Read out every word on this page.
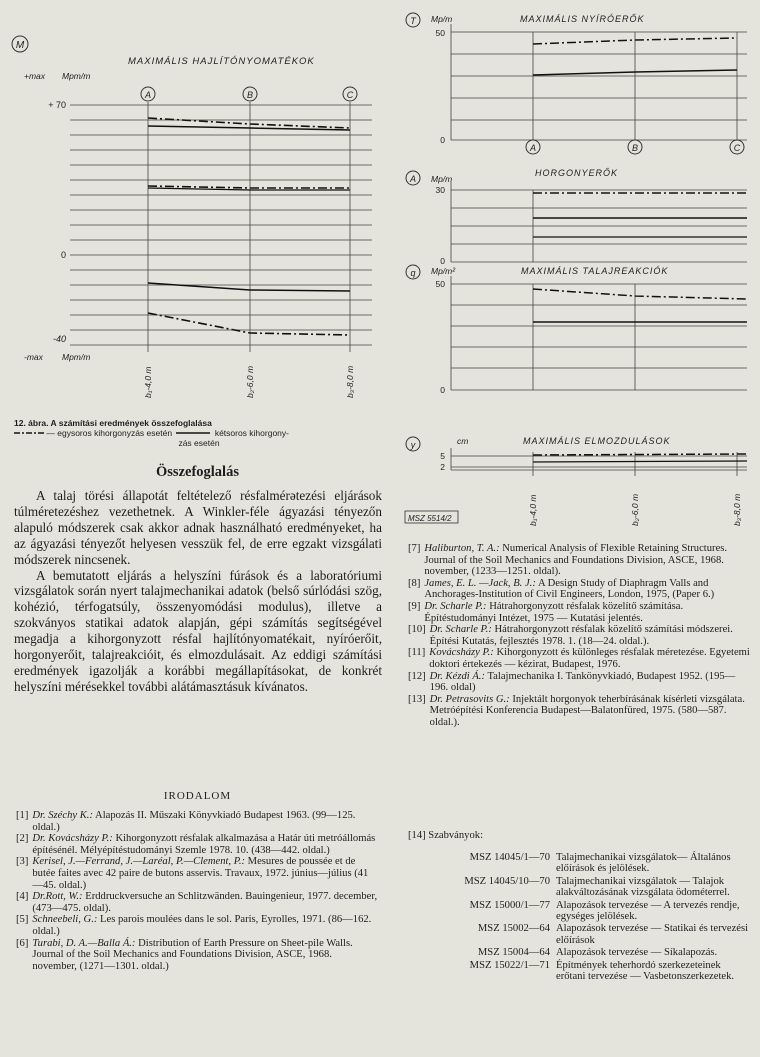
M
MAXIMÁLIS HAJLÍTÓNYOMATÉKOK
+max Mpm/m
+ 70
0
-40
-max Mpm/m
A	B	C
b₁-4,0 m	b₂-6,0 m	b₃-8,0 m
12. ábra. A számítási eredmények összefoglalása
— egysoros kihorgonyzás esetén	kétsoros kihorgony-
zás esetén
T Mp/m	MAXIMÁLIS NYÍRÓERŐK
50
0
A	B	C
A Mp/m
HORGONYERŐK
30
0
q Mp/m²	MAXIMÁLIS TALAJREAKCIÓK
50
0
y	cm	MAXIMÁLIS ELMOZDULÁSOK
5
2
b₁-4,0 m	b₂-6,0 m	b₃-8,0 m
MSZ 5514/2
Összefoglalás

A talaj törési állapotát feltételező résfalmérətezési eljárások túlméretezéshez vezethetnek. A Winkler-féle ágyazási tényezőn alapuló módszerek csak akkor adnak használható eredményeket, ha az ágyazási tényezőt helyesen vesszük fel, de erre egzakt vizsgálati módszerek nincsenek.

A bemutatott eljárás a helyszíni fúrások és a laboratóriumi vizsgálatok során nyert talajmechanikai adatok (belső súrlódási szög, kohézió, térfogatsúly, összenyomódási modulus), illetve a szokványos statikai adatok alapján, gépi számítás segítségével megadja a kihorgonyzott résfal hajlítónyomatékait, nyíróerőit, horgonyerőit, talajreakcióit, és elmozdulásait. Az eddigi számítási eredmények igazolják a korábbi megállapításokat, de konkrét helyszíni mérésekkel további alátámasztásuk kívánatos.

IRODALOM
[1] Dr. Széchy K.: Alapozás II. Műszaki Könyvkiadó Budapest 1963. (99—125. oldal.)
[2] Dr. Kovácsházy P.: Kihorgonyzott résfalak alkalmazása a Határ úti metróállomás építésénél. Mélyépítéstudományi Szemle 1978. 10. (438—442. oldal.)
[3] Kerisel, J.—Ferrand, J.—Laréal, P.—Clement, P.: Mesures de poussée et de butée faites avec 42 paire de butons asservis. Travaux, 1972. június—július (41—45. oldal.)
[4] Dr.Rott, W.: Erddruckversuche an Schlitzwänden. Bauingenieur, 1977. december, (473—475. oldal).
[5] Schneebeli, G.: Les parois moulées dans le sol. Paris, Eyrolles, 1971. (86—162. oldal.)
[6] Turabi, D. A.—Balla Á.: Distribution of Earth Pressure on Sheet-pile Walls. Journal of the Soil Mechanics and Foundations Division, ASCE, 1968. november, (1271—1301. oldal.)
[7] Haliburton, T. A.: Numerical Analysis of Flexible Retaining Structures. Journal of the Soil Mechanics and Foundations Division, ASCE, 1968. november, (1233—1251. oldal).
[8] James, E. L. —Jack, B. J.: A Design Study of Diaphragm Valls and Anchorages-Institution of Civil Engineers, London, 1975, (Paper 6.)
[9] Dr. Scharle P.: Hátrahorgonyzott résfalak közelítő számítása. Építéstudományi Intézet, 1975 — Kutatási jelentés.
[10] Dr. Scharle P.: Hátrahorgonyzott résfalak közelítő számítási módszerei. Építési Kutatás, fejlesztés 1978. 1. (18—24. oldal.).
[11] Kovácsházy P.: Kihorgonyzott és különleges résfalak méretezése. Egyetemi doktori értekezés — kézirat, Budapest, 1976.
[12] Dr. Kézdi Á.: Talajmechanika I. Tankönyvkiadó, Budapest 1952. (195—196. oldal)
[13] Dr. Petrasovits G.: Injektált horgonyok teherbírásának kísérleti vizsgálata. Metróépítési Konferencia Budapest—Balatonfüred, 1975. (580—587. oldal.).
[14] Szabványok:
MSZ 14045/1—70 Talajmechanikai vizsgálatok— Általános előírások és jelölések.
MSZ 14045/10—70 Talajmechanikai vizsgálatok — Talajok alakváltozásának vizsgálata ödométerrel.
MSZ 15000/1—77 Alapozások tervezése — A tervezés rendje, egységes jelölések.
MSZ 15002—64 Alapozások tervezése — Statikai és tervezési előírások
MSZ 15004—64 Alapozások tervezése — Síkalapozás.
MSZ 15022/1—71 Építmények teherhordó szerkezeteinek erőtani tervezése — Vasbetonszerkezetek.
